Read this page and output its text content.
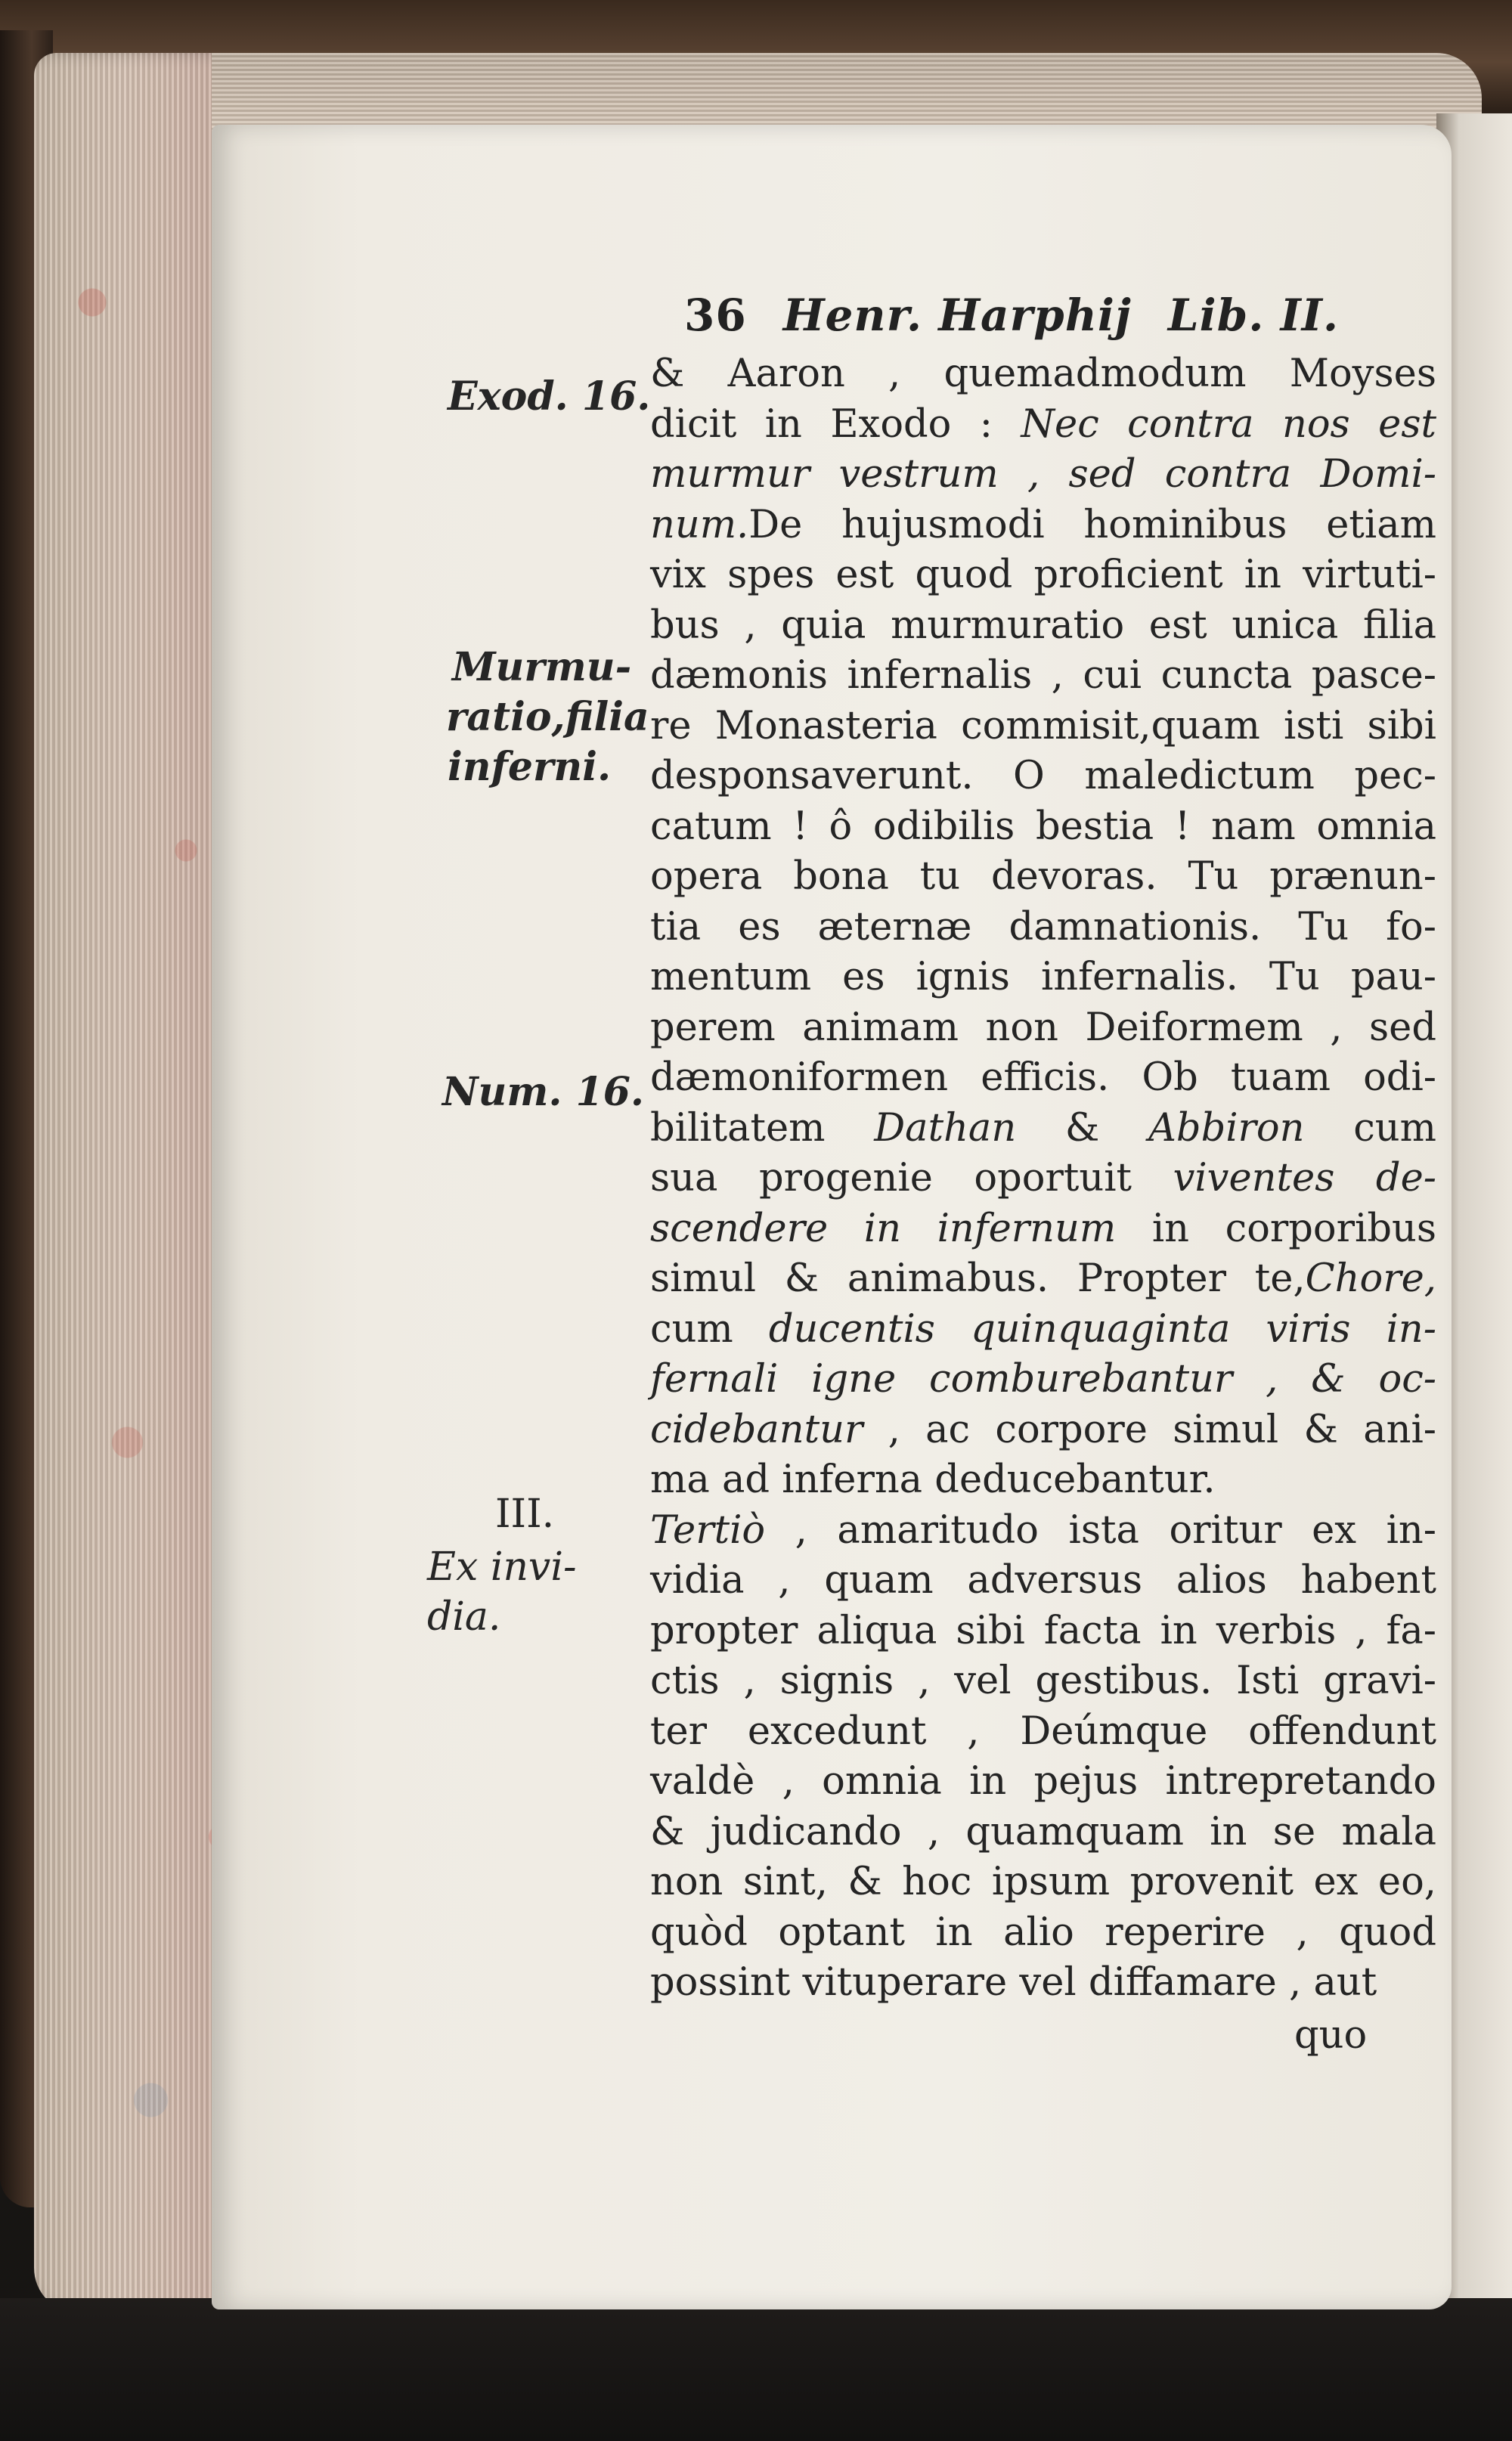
36 Henr. Harphij Lib. II.
Exod. 16.
Murmu-
ratio,filia
inferni.
Num. 16.
III.
Ex invi-
dia.
& Aaron , quemadmodum Moyses
dicit in Exodo : Nec contra nos est
murmur vestrum , sed contra Domi-
num.De hujusmodi hominibus etiam
vix spes est quod proficient in virtuti-
bus , quia murmuratio est unica filia
dæmonis infernalis , cui cuncta pasce-
re Monasteria commisit,quam isti sibi
desponsaverunt. O maledictum pec-
catum ! ô odibilis bestia ! nam omnia
opera bona tu devoras. Tu prænun-
tia es æternæ damnationis. Tu fo-
mentum es ignis infernalis. Tu pau-
perem animam non Deiformem , sed
dæmoniformen efficis. Ob tuam odi-
bilitatem Dathan & Abbiron cum
sua progenie oportuit viventes de-
scendere in infernum in corporibus
simul & animabus. Propter te,Chore,
cum ducentis quinquaginta viris in-
fernali igne comburebantur , & oc-
cidebantur , ac corpore simul & ani-
ma ad inferna deducebantur.
Tertiò , amaritudo ista oritur ex in-
vidia , quam adversus alios habent
propter aliqua sibi facta in verbis , fa-
ctis , signis , vel gestibus. Isti gravi-
ter excedunt , Deúmque offendunt
valdè , omnia in pejus intrepretando
& judicando , quamquam in se mala
non sint, & hoc ipsum provenit ex eo,
quòd optant in alio reperire , quod
possint vituperare vel diffamare , aut
quo
